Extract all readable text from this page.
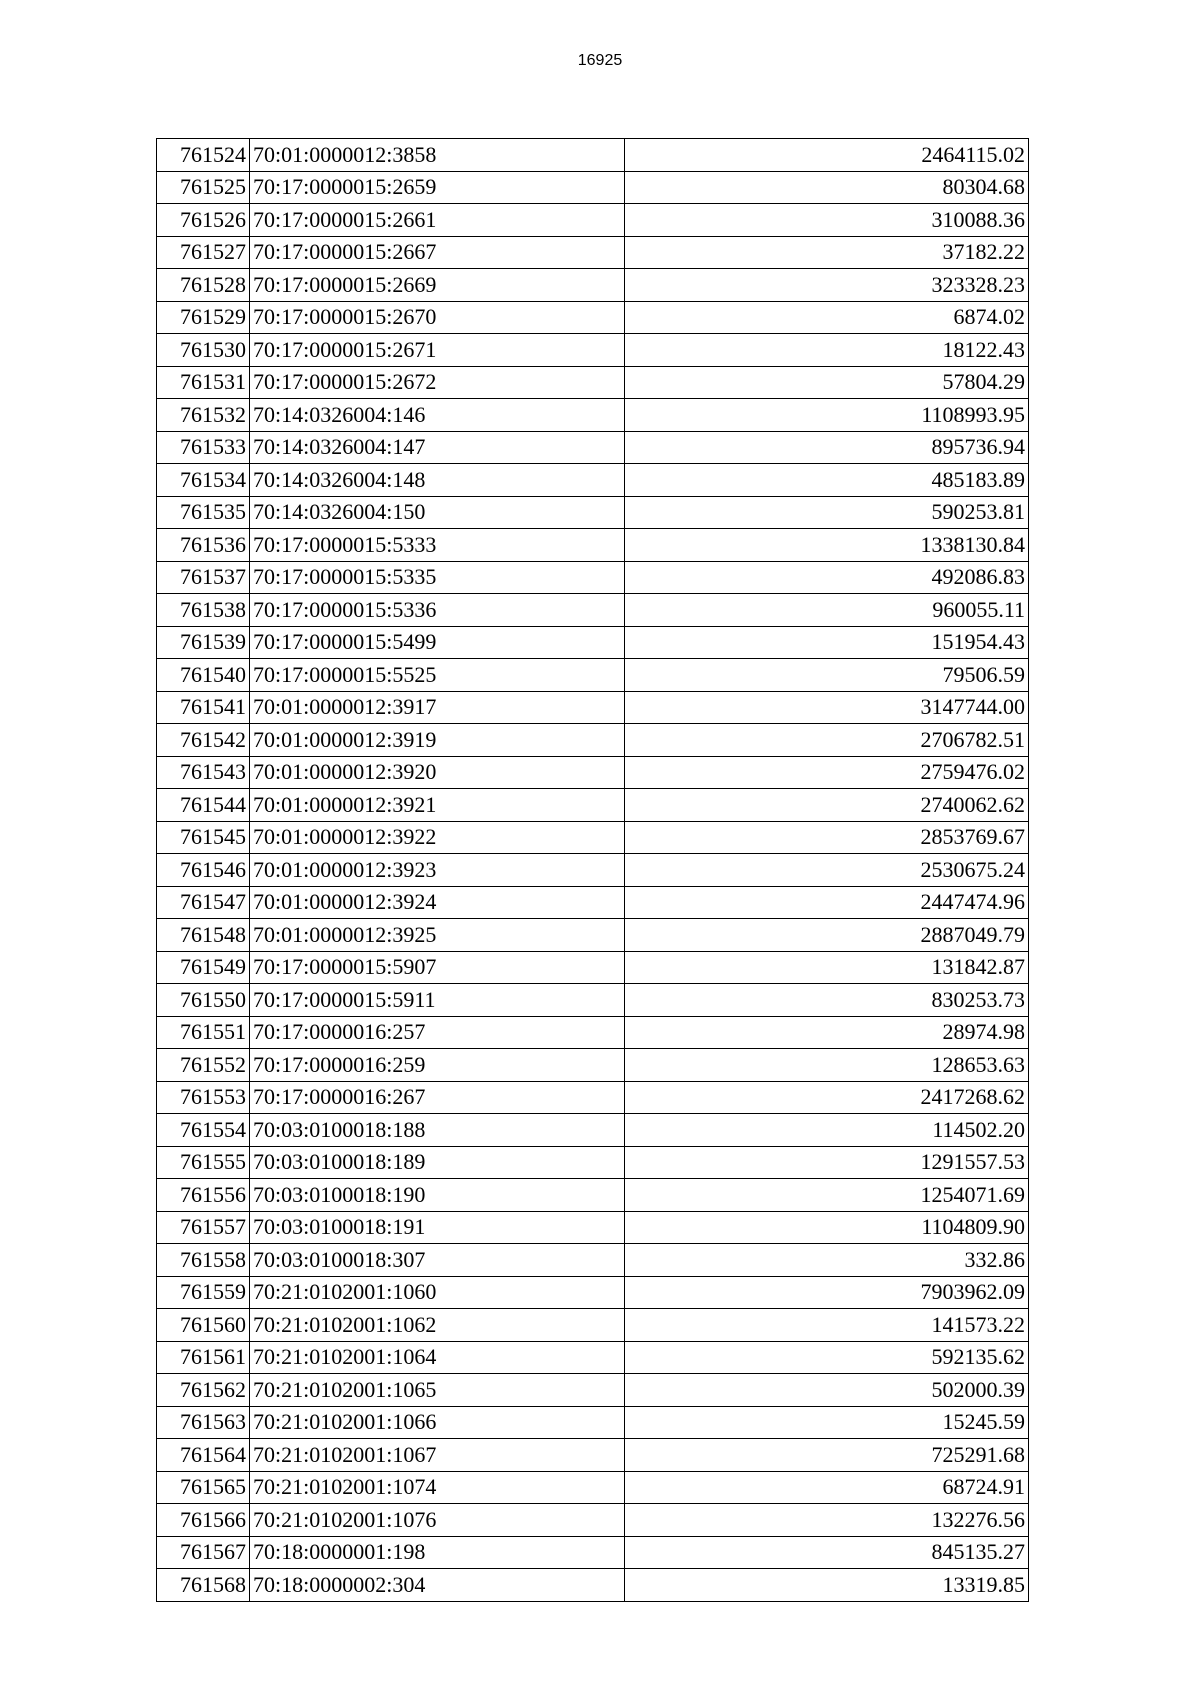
16925
761524	70:01:0000012:3858	2464115.02
761525	70:17:0000015:2659	80304.68
761526	70:17:0000015:2661	310088.36
761527	70:17:0000015:2667	37182.22
761528	70:17:0000015:2669	323328.23
761529	70:17:0000015:2670	6874.02
761530	70:17:0000015:2671	18122.43
761531	70:17:0000015:2672	57804.29
761532	70:14:0326004:146	1108993.95
761533	70:14:0326004:147	895736.94
761534	70:14:0326004:148	485183.89
761535	70:14:0326004:150	590253.81
761536	70:17:0000015:5333	1338130.84
761537	70:17:0000015:5335	492086.83
761538	70:17:0000015:5336	960055.11
761539	70:17:0000015:5499	151954.43
761540	70:17:0000015:5525	79506.59
761541	70:01:0000012:3917	3147744.00
761542	70:01:0000012:3919	2706782.51
761543	70:01:0000012:3920	2759476.02
761544	70:01:0000012:3921	2740062.62
761545	70:01:0000012:3922	2853769.67
761546	70:01:0000012:3923	2530675.24
761547	70:01:0000012:3924	2447474.96
761548	70:01:0000012:3925	2887049.79
761549	70:17:0000015:5907	131842.87
761550	70:17:0000015:5911	830253.73
761551	70:17:0000016:257	28974.98
761552	70:17:0000016:259	128653.63
761553	70:17:0000016:267	2417268.62
761554	70:03:0100018:188	114502.20
761555	70:03:0100018:189	1291557.53
761556	70:03:0100018:190	1254071.69
761557	70:03:0100018:191	1104809.90
761558	70:03:0100018:307	332.86
761559	70:21:0102001:1060	7903962.09
761560	70:21:0102001:1062	141573.22
761561	70:21:0102001:1064	592135.62
761562	70:21:0102001:1065	502000.39
761563	70:21:0102001:1066	15245.59
761564	70:21:0102001:1067	725291.68
761565	70:21:0102001:1074	68724.91
761566	70:21:0102001:1076	132276.56
761567	70:18:0000001:198	845135.27
761568	70:18:0000002:304	13319.85
